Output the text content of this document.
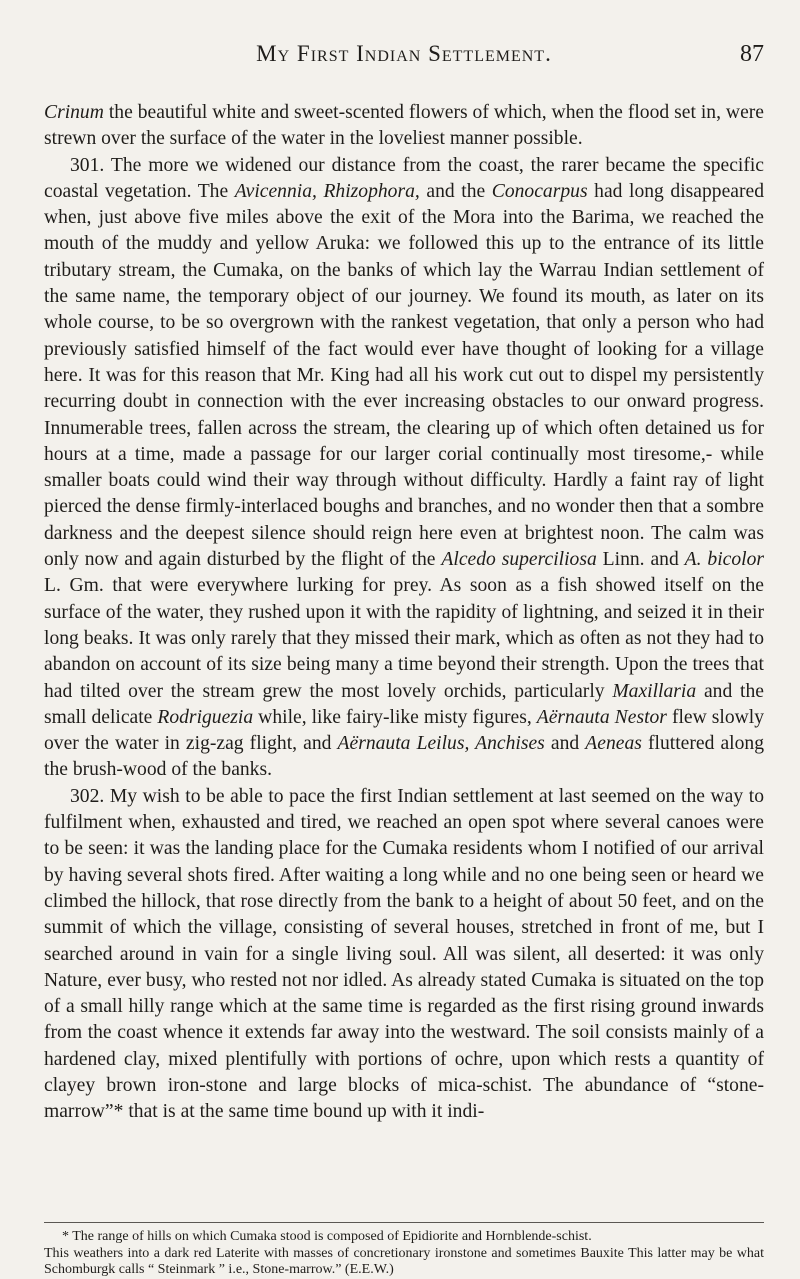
My First Indian Settlement.	87

Crinum the beautiful white and sweet-scented flowers of which, when the flood set in, were strewn over the surface of the water in the loveliest manner possible.

301. The more we widened our distance from the coast, the rarer became the specific coastal vegetation. The Avicennia, Rhizophora, and the Conocarpus had long disappeared when, just above five miles above the exit of the Mora into the Barima, we reached the mouth of the muddy and yellow Aruka: we followed this up to the entrance of its little tributary stream, the Cumaka, on the banks of which lay the Warrau Indian settlement of the same name, the temporary object of our journey. We found its mouth, as later on its whole course, to be so overgrown with the rankest vegetation, that only a person who had previously satisfied himself of the fact would ever have thought of looking for a village here. It was for this reason that Mr. King had all his work cut out to dispel my persistently recurring doubt in connection with the ever increasing obstacles to our onward progress. Innumerable trees, fallen across the stream, the clearing up of which often detained us for hours at a time, made a passage for our larger corial continually most tiresome,- while smaller boats could wind their way through without difficulty. Hardly a faint ray of light pierced the dense firmly-interlaced boughs and branches, and no wonder then that a sombre darkness and the deepest silence should reign here even at brightest noon. The calm was only now and again disturbed by the flight of the Alcedo superciliosa Linn. and A. bicolor L. Gm. that were everywhere lurking for prey. As soon as a fish showed itself on the surface of the water, they rushed upon it with the rapidity of lightning, and seized it in their long beaks. It was only rarely that they missed their mark, which as often as not they had to abandon on account of its size being many a time beyond their strength. Upon the trees that had tilted over the stream grew the most lovely orchids, particularly Maxillaria and the small delicate Rodriguezia while, like fairy-like misty figures, Aërnauta Nestor flew slowly over the water in zig-zag flight, and Aërnauta Leilus, Anchises and Aeneas fluttered along the brush-wood of the banks.

302. My wish to be able to pace the first Indian settlement at last seemed on the way to fulfilment when, exhausted and tired, we reached an open spot where several canoes were to be seen: it was the landing place for the Cumaka residents whom I notified of our arrival by having several shots fired. After waiting a long while and no one being seen or heard we climbed the hillock, that rose directly from the bank to a height of about 50 feet, and on the summit of which the village, consisting of several houses, stretched in front of me, but I searched around in vain for a single living soul. All was silent, all deserted: it was only Nature, ever busy, who rested not nor idled. As already stated Cumaka is situated on the top of a small hilly range which at the same time is regarded as the first rising ground inwards from the coast whence it extends far away into the westward. The soil consists mainly of a hardened clay, mixed plentifully with portions of ochre, upon which rests a quantity of clayey brown iron-stone and large blocks of mica-schist. The abundance of “stone-marrow”* that is at the same time bound up with it indi-

* The range of hills on which Cumaka stood is composed of Epidiorite and Hornblende-schist.

This weathers into a dark red Laterite with masses of concretionary ironstone and sometimes Bauxite This latter may be what Schomburgk calls “ Steinmark ” i.e., Stone-marrow.” (E.E.W.)
